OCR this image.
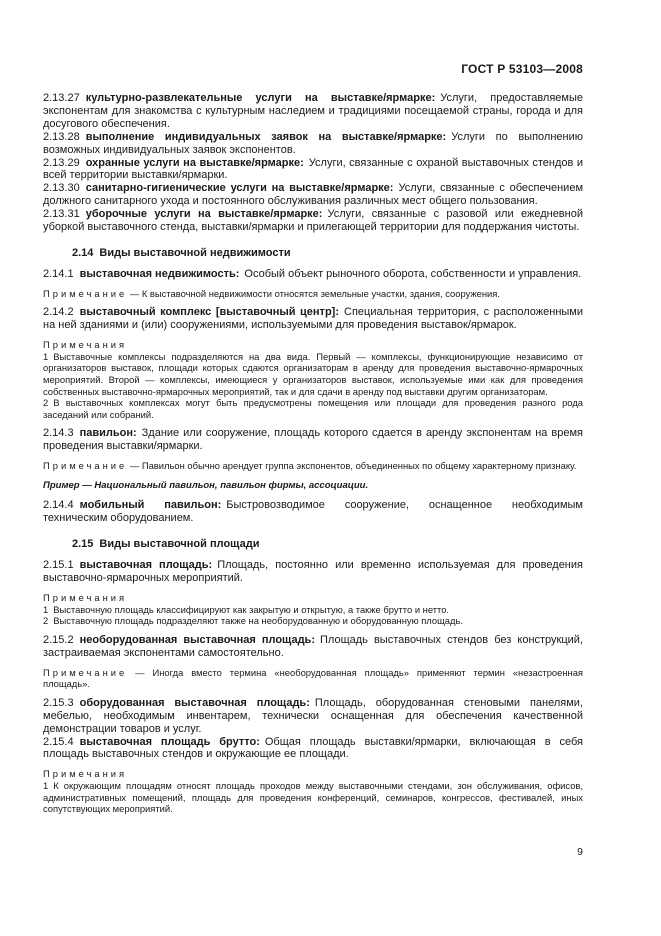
ГОСТ Р 53103—2008

2.13.27 культурно-развлекательные услуги на выставке/ярмарке: Услуги, предоставляемые экспонентам для знакомства с культурным наследием и традициями посещаемой страны, города и для досугового обеспечения.

2.13.28 выполнение индивидуальных заявок на выставке/ярмарке: Услуги по выполнению возможных индивидуальных заявок экспонентов.

2.13.29 охранные услуги на выставке/ярмарке: Услуги, связанные с охраной выставочных стендов и всей территории выставки/ярмарки.

2.13.30 санитарно-гигиенические услуги на выставке/ярмарке: Услуги, связанные с обеспечением должного санитарного ухода и постоянного обслуживания различных мест общего пользования.

2.13.31 уборочные услуги на выставке/ярмарке: Услуги, связанные с разовой или ежедневной уборкой выставочного стенда, выставки/ярмарки и прилегающей территории для поддержания чистоты.

2.14 Виды выставочной недвижимости

2.14.1 выставочная недвижимость: Особый объект рыночного оборота, собственности и управления.

Примечание — К выставочной недвижимости относятся земельные участки, здания, сооружения.

2.14.2 выставочный комплекс [выставочный центр]: Специальная территория, с расположенными на ней зданиями и (или) сооружениями, используемыми для проведения выставок/ярмарок.

Примечания

1 Выставочные комплексы подразделяются на два вида. Первый — комплексы, функционирующие независимо от организаторов выставок, площади которых сдаются организаторам в аренду для проведения выставочно-ярмарочных мероприятий. Второй — комплексы, имеющиеся у организаторов выставок, используемые ими как для проведения собственных выставочно-ярмарочных мероприятий, так и для сдачи в аренду под выставки другим организаторам.

2 В выставочных комплексах могут быть предусмотрены помещения или площади для проведения разного рода заседаний или собраний.

2.14.3 павильон: Здание или сооружение, площадь которого сдается в аренду экспонентам на время проведения выставки/ярмарки.

Примечание — Павильон обычно арендует группа экспонентов, объединенных по общему характерному признаку.

Пример — Национальный павильон, павильон фирмы, ассоциации.

2.14.4 мобильный павильон: Быстровозводимое сооружение, оснащенное необходимым техническим оборудованием.

2.15 Виды выставочной площади

2.15.1 выставочная площадь: Площадь, постоянно или временно используемая для проведения выставочно-ярмарочных мероприятий.

Примечания

1 Выставочную площадь классифицируют как закрытую и открытую, а также брутто и нетто.

2 Выставочную площадь подразделяют также на необорудованную и оборудованную площадь.

2.15.2 необорудованная выставочная площадь: Площадь выставочных стендов без конструкций, застраиваемая экспонентами самостоятельно.

Примечание — Иногда вместо термина «необорудованная площадь» применяют термин «незастроенная площадь».

2.15.3 оборудованная выставочная площадь: Площадь, оборудованная стеновыми панелями, мебелью, необходимым инвентарем, технически оснащенная для обеспечения качественной демонстрации товаров и услуг.

2.15.4 выставочная площадь брутто: Общая площадь выставки/ярмарки, включающая в себя площадь выставочных стендов и окружающие ее площади.

Примечания

1 К окружающим площадям относят площадь проходов между выставочными стендами, зон обслуживания, офисов, административных помещений, площадь для проведения конференций, семинаров, конгрессов, фестивалей, иных сопутствующих мероприятий.

9
